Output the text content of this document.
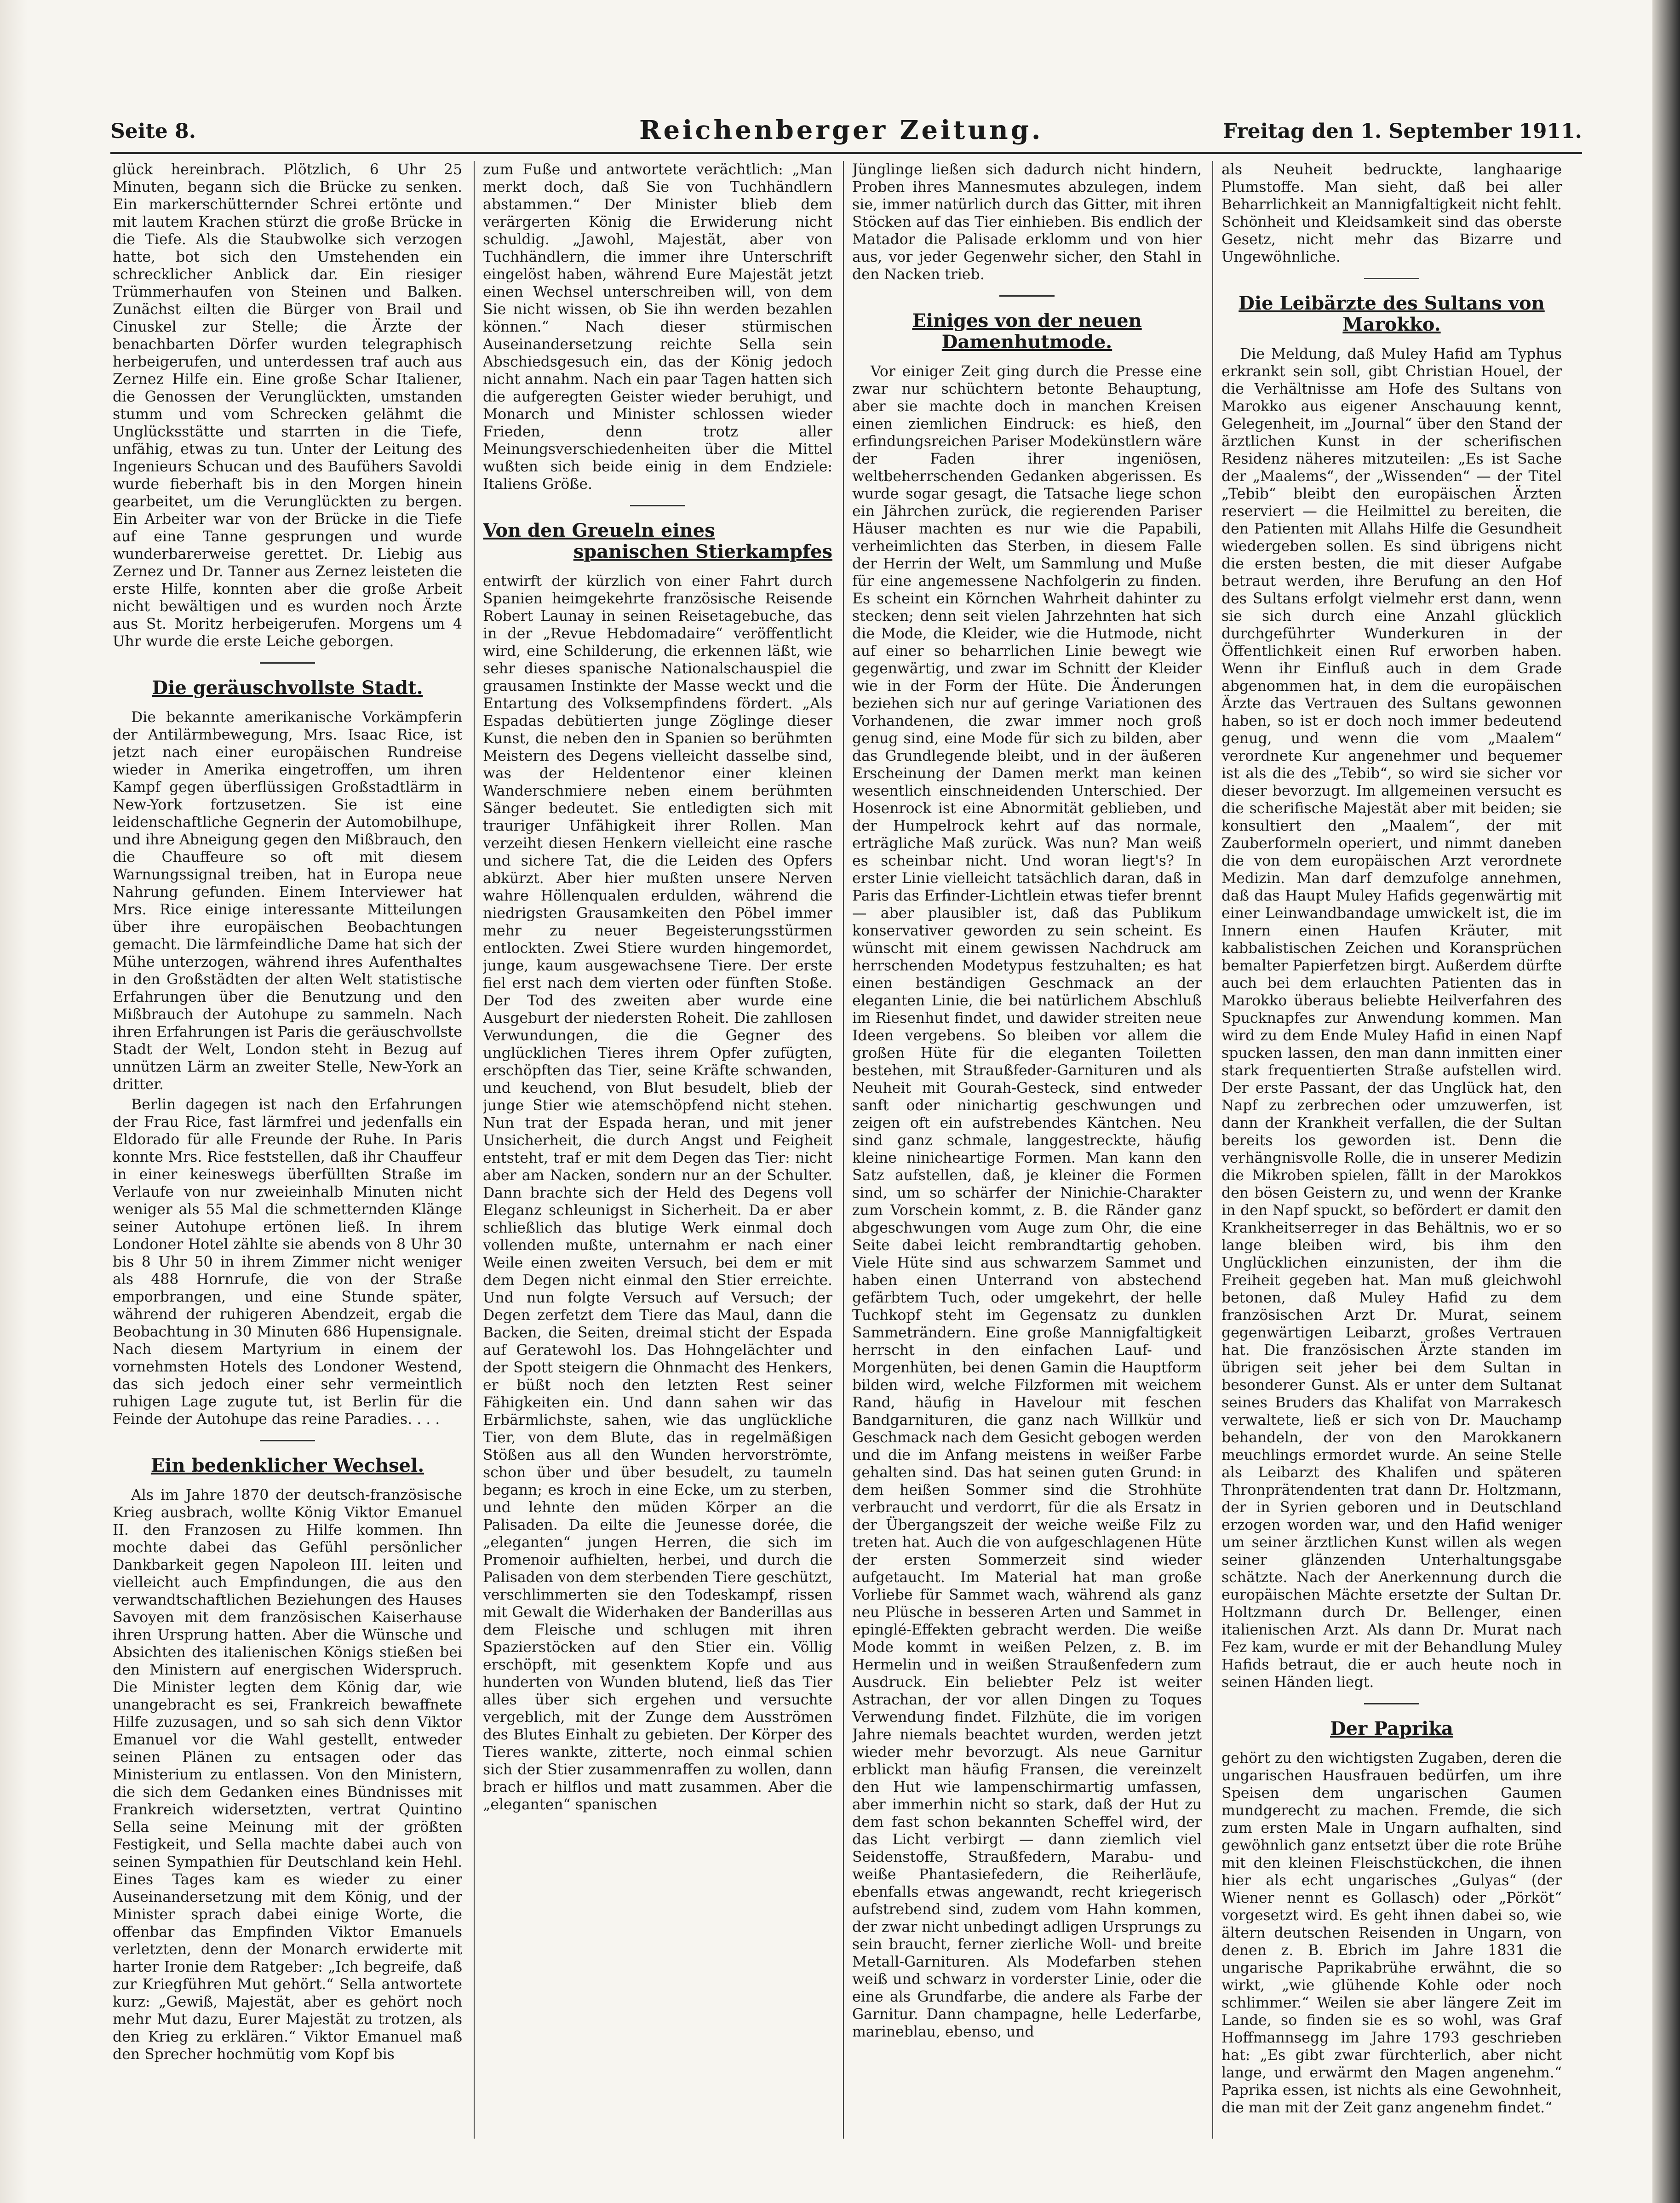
Seite 8.	Reichenberger Zeitung.	Freitag den 1. September 1911.

glück hereinbrach. Plötzlich, 6 Uhr 25 Minuten, begann sich die Brücke zu senken. Ein markerschütternder Schrei ertönte und mit lautem Krachen stürzt die große Brücke in die Tiefe. Als die Staubwolke sich verzogen hatte, bot sich den Umstehenden ein schrecklicher Anblick dar. Ein riesiger Trümmerhaufen von Steinen und Balken. Zunächst eilten die Bürger von Brail und Cinuskel zur Stelle; die Ärzte der benachbarten Dörfer wurden telegraphisch herbeigerufen, und unterdessen traf auch aus Zernez Hilfe ein. Eine große Schar Italiener, die Genossen der Verunglückten, umstanden stumm und vom Schrecken gelähmt die Unglücksstätte und starrten in die Tiefe, unfähig, etwas zu tun. Unter der Leitung des Ingenieurs Schucan und des Baufühers Savoldi wurde fieberhaft bis in den Morgen hinein gearbeitet, um die Verunglückten zu bergen. Ein Arbeiter war von der Brücke in die Tiefe auf eine Tanne gesprungen und wurde wunderbarerweise gerettet. Dr. Liebig aus Zernez und Dr. Tanner aus Zernez leisteten die erste Hilfe, konnten aber die große Arbeit nicht bewältigen und es wurden noch Ärzte aus St. Moritz herbeigerufen. Morgens um 4 Uhr wurde die erste Leiche geborgen.

Die geräuschvollste Stadt.

Die bekannte amerikanische Vorkämpferin der Antilärmbewegung, Mrs. Isaac Rice, ist jetzt nach einer europäischen Rundreise wieder in Amerika eingetroffen, um ihren Kampf gegen überflüssigen Großstadtlärm in New-York fortzusetzen. Sie ist eine leidenschaftliche Gegnerin der Automobilhupe, und ihre Abneigung gegen den Mißbrauch, den die Chauffeure so oft mit diesem Warnungssignal treiben, hat in Europa neue Nahrung gefunden. Einem Interviewer hat Mrs. Rice einige interessante Mitteilungen über ihre europäischen Beobachtungen gemacht. Die lärmfeindliche Dame hat sich der Mühe unterzogen, während ihres Aufenthaltes in den Großstädten der alten Welt statistische Erfahrungen über die Benutzung und den Mißbrauch der Autohupe zu sammeln. Nach ihren Erfahrungen ist Paris die geräuschvollste Stadt der Welt, London steht in Bezug auf unnützen Lärm an zweiter Stelle, New-York an dritter.

Berlin dagegen ist nach den Erfahrungen der Frau Rice, fast lärmfrei und jedenfalls ein Eldorado für alle Freunde der Ruhe. In Paris konnte Mrs. Rice feststellen, daß ihr Chauffeur in einer keineswegs überfüllten Straße im Verlaufe von nur zweieinhalb Minuten nicht weniger als 55 Mal die schmetternden Klänge seiner Autohupe ertönen ließ. In ihrem Londoner Hotel zählte sie abends von 8 Uhr 30 bis 8 Uhr 50 in ihrem Zimmer nicht weniger als 488 Hornrufe, die von der Straße emporbrangen, und eine Stunde später, während der ruhigeren Abendzeit, ergab die Beobachtung in 30 Minuten 686 Hupensignale. Nach diesem Martyrium in einem der vornehmsten Hotels des Londoner Westend, das sich jedoch einer sehr vermeintlich ruhigen Lage zugute tut, ist Berlin für die Feinde der Autohupe das reine Paradies. . . .

Ein bedenklicher Wechsel.

Als im Jahre 1870 der deutsch-französische Krieg ausbrach, wollte König Viktor Emanuel II. den Franzosen zu Hilfe kommen. Ihn mochte dabei das Gefühl persönlicher Dankbarkeit gegen Napoleon III. leiten und vielleicht auch Empfindungen, die aus den verwandtschaftlichen Beziehungen des Hauses Savoyen mit dem französischen Kaiserhause ihren Ursprung hatten. Aber die Wünsche und Absichten des italienischen Königs stießen bei den Ministern auf energischen Widerspruch. Die Minister legten dem König dar, wie unangebracht es sei, Frankreich bewaffnete Hilfe zuzusagen, und so sah sich denn Viktor Emanuel vor die Wahl gestellt, entweder seinen Plänen zu entsagen oder das Ministerium zu entlassen. Von den Ministern, die sich dem Gedanken eines Bündnisses mit Frankreich widersetzten, vertrat Quintino Sella seine Meinung mit der größten Festigkeit, und Sella machte dabei auch von seinen Sympathien für Deutschland kein Hehl. Eines Tages kam es wieder zu einer Auseinandersetzung mit dem König, und der Minister sprach dabei einige Worte, die offenbar das Empfinden Viktor Emanuels verletzten, denn der Monarch erwiderte mit harter Ironie dem Ratgeber: „Ich begreife, daß zur Kriegführen Mut gehört.“ Sella antwortete kurz: „Gewiß, Majestät, aber es gehört noch mehr Mut dazu, Eurer Majestät zu trotzen, als den Krieg zu erklären.“ Viktor Emanuel maß den Sprecher hochmütig vom Kopf bis

zum Fuße und antwortete verächtlich: „Man merkt doch, daß Sie von Tuchhändlern abstammen.“ Der Minister blieb dem verärgerten König die Erwiderung nicht schuldig. „Jawohl, Majestät, aber von Tuchhändlern, die immer ihre Unterschrift eingelöst haben, während Eure Majestät jetzt einen Wechsel unterschreiben will, von dem Sie nicht wissen, ob Sie ihn werden bezahlen können.“ Nach dieser stürmischen Auseinandersetzung reichte Sella sein Abschiedsgesuch ein, das der König jedoch nicht annahm. Nach ein paar Tagen hatten sich die aufgeregten Geister wieder beruhigt, und Monarch und Minister schlossen wieder Frieden, denn trotz aller Meinungsverschiedenheiten über die Mittel wußten sich beide einig in dem Endziele: Italiens Größe.

Von den Greueln eines
spanischen Stierkampfes

entwirft der kürzlich von einer Fahrt durch Spanien heimgekehrte französische Reisende Robert Launay in seinen Reisetagebuche, das in der „Revue Hebdomadaire“ veröffentlicht wird, eine Schilderung, die erkennen läßt, wie sehr dieses spanische Nationalschauspiel die grausamen Instinkte der Masse weckt und die Entartung des Volksempfindens fördert. „Als Espadas debütierten junge Zöglinge dieser Kunst, die neben den in Spanien so berühmten Meistern des Degens vielleicht dasselbe sind, was der Heldentenor einer kleinen Wanderschmiere neben einem berühmten Sänger bedeutet. Sie entledigten sich mit trauriger Unfähigkeit ihrer Rollen. Man verzeiht diesen Henkern vielleicht eine rasche und sichere Tat, die die Leiden des Opfers abkürzt. Aber hier mußten unsere Nerven wahre Höllenqualen erdulden, während die niedrigsten Grausamkeiten den Pöbel immer mehr zu neuer Begeisterungsstürmen entlockten. Zwei Stiere wurden hingemordet, junge, kaum ausgewachsene Tiere. Der erste fiel erst nach dem vierten oder fünften Stoße. Der Tod des zweiten aber wurde eine Ausgeburt der niedersten Roheit. Die zahllosen Verwundungen, die die Gegner des unglücklichen Tieres ihrem Opfer zufügten, erschöpften das Tier, seine Kräfte schwanden, und keuchend, von Blut besudelt, blieb der junge Stier wie atemschöpfend nicht stehen. Nun trat der Espada heran, und mit jener Unsicherheit, die durch Angst und Feigheit entsteht, traf er mit dem Degen das Tier: nicht aber am Nacken, sondern nur an der Schulter. Dann brachte sich der Held des Degens voll Eleganz schleunigst in Sicherheit. Da er aber schließlich das blutige Werk einmal doch vollenden mußte, unternahm er nach einer Weile einen zweiten Versuch, bei dem er mit dem Degen nicht einmal den Stier erreichte. Und nun folgte Versuch auf Versuch; der Degen zerfetzt dem Tiere das Maul, dann die Backen, die Seiten, dreimal sticht der Espada auf Geratewohl los. Das Hohngelächter und der Spott steigern die Ohnmacht des Henkers, er büßt noch den letzten Rest seiner Fähigkeiten ein. Und dann sahen wir das Erbärmlichste, sahen, wie das unglückliche Tier, von dem Blute, das in regelmäßigen Stößen aus all den Wunden hervorströmte, schon über und über besudelt, zu taumeln begann; es kroch in eine Ecke, um zu sterben, und lehnte den müden Körper an die Palisaden. Da eilte die Jeunesse dorée, die „eleganten“ jungen Herren, die sich im Promenoir aufhielten, herbei, und durch die Palisaden von dem sterbenden Tiere geschützt, verschlimmerten sie den Todeskampf, rissen mit Gewalt die Widerhaken der Banderillas aus dem Fleische und schlugen mit ihren Spazierstöcken auf den Stier ein. Völlig erschöpft, mit gesenktem Kopfe und aus hunderten von Wunden blutend, ließ das Tier alles über sich ergehen und versuchte vergeblich, mit der Zunge dem Ausströmen des Blutes Einhalt zu gebieten. Der Körper des Tieres wankte, zitterte, noch einmal schien sich der Stier zusammenraffen zu wollen, dann brach er hilflos und matt zusammen. Aber die „eleganten“ spanischen

Jünglinge ließen sich dadurch nicht hindern, Proben ihres Mannesmutes abzulegen, indem sie, immer natürlich durch das Gitter, mit ihren Stöcken auf das Tier einhieben. Bis endlich der Matador die Palisade erklomm und von hier aus, vor jeder Gegenwehr sicher, den Stahl in den Nacken trieb.

Einiges von der neuen Damenhutmode.

Vor einiger Zeit ging durch die Presse eine zwar nur schüchtern betonte Behauptung, aber sie machte doch in manchen Kreisen einen ziemlichen Eindruck: es hieß, den erfindungsreichen Pariser Modekünstlern wäre der Faden ihrer ingeniösen, weltbeherrschenden Gedanken abgerissen. Es wurde sogar gesagt, die Tatsache liege schon ein Jährchen zurück, die regierenden Pariser Häuser machten es nur wie die Papabili, verheimlichten das Sterben, in diesem Falle der Herrin der Welt, um Sammlung und Muße für eine angemessene Nachfolgerin zu finden. Es scheint ein Körnchen Wahrheit dahinter zu stecken; denn seit vielen Jahrzehnten hat sich die Mode, die Kleider, wie die Hutmode, nicht auf einer so beharrlichen Linie bewegt wie gegenwärtig, und zwar im Schnitt der Kleider wie in der Form der Hüte. Die Änderungen beziehen sich nur auf geringe Variationen des Vorhandenen, die zwar immer noch groß genug sind, eine Mode für sich zu bilden, aber das Grundlegende bleibt, und in der äußeren Erscheinung der Damen merkt man keinen wesentlich einschneidenden Unterschied. Der Hosenrock ist eine Abnormität geblieben, und der Humpelrock kehrt auf das normale, erträgliche Maß zurück. Was nun? Man weiß es scheinbar nicht. Und woran liegt's? In erster Linie vielleicht tatsächlich daran, daß in Paris das Erfinder-Lichtlein etwas tiefer brennt — aber plausibler ist, daß das Publikum konservativer geworden zu sein scheint. Es wünscht mit einem gewissen Nachdruck am herrschenden Modetypus festzuhalten; es hat einen beständigen Geschmack an der eleganten Linie, die bei natürlichem Abschluß im Riesenhut findet, und dawider streiten neue Ideen vergebens. So bleiben vor allem die großen Hüte für die eleganten Toiletten bestehen, mit Straußfeder-Garnituren und als Neuheit mit Gourah-Gesteck, sind entweder sanft oder ninichartig geschwungen und zeigen oft ein aufstrebendes Käntchen. Neu sind ganz schmale, langgestreckte, häufig kleine ninicheartige Formen. Man kann den Satz aufstellen, daß, je kleiner die Formen sind, um so schärfer der Ninichie-Charakter zum Vorschein kommt, z. B. die Ränder ganz abgeschwungen vom Auge zum Ohr, die eine Seite dabei leicht rembrandtartig gehoben. Viele Hüte sind aus schwarzem Sammet und haben einen Unterrand von abstechend gefärbtem Tuch, oder umgekehrt, der helle Tuchkopf steht im Gegensatz zu dunklen Sammeträndern. Eine große Mannigfaltigkeit herrscht in den einfachen Lauf- und Morgenhüten, bei denen Gamin die Hauptform bilden wird, welche Filzformen mit weichem Rand, häufig in Havelour mit feschen Bandgarnituren, die ganz nach Willkür und Geschmack nach dem Gesicht gebogen werden und die im Anfang meistens in weißer Farbe gehalten sind. Das hat seinen guten Grund: in dem heißen Sommer sind die Strohhüte verbraucht und verdorrt, für die als Ersatz in der Übergangszeit der weiche weiße Filz zu treten hat. Auch die von aufgeschlagenen Hüte der ersten Sommerzeit sind wieder aufgetaucht. Im Material hat man große Vorliebe für Sammet wach, während als ganz neu Plüsche in besseren Arten und Sammet in epinglé-Effekten gebracht werden. Die weiße Mode kommt in weißen Pelzen, z. B. im Hermelin und in weißen Straußenfedern zum Ausdruck. Ein beliebter Pelz ist weiter Astrachan, der vor allen Dingen zu Toques Verwendung findet. Filzhüte, die im vorigen Jahre niemals beachtet wurden, werden jetzt wieder mehr bevorzugt. Als neue Garnitur erblickt man häufig Fransen, die vereinzelt den Hut wie lampenschirmartig umfassen, aber immerhin nicht so stark, daß der Hut zu dem fast schon bekannten Scheffel wird, der das Licht verbirgt — dann ziemlich viel Seidenstoffe, Straußfedern, Marabu- und weiße Phantasiefedern, die Reiherläufe, ebenfalls etwas angewandt, recht kriegerisch aufstrebend sind, zudem vom Hahn kommen, der zwar nicht unbedingt adligen Ursprungs zu sein braucht, ferner zierliche Woll- und breite Metall-Garnituren. Als Modefarben stehen weiß und schwarz in vorderster Linie, oder die eine als Grundfarbe, die andere als Farbe der Garnitur. Dann champagne, helle Lederfarbe, marineblau, ebenso, und

als Neuheit bedruckte, langhaarige Plumstoffe. Man sieht, daß bei aller Beharrlichkeit an Mannigfaltigkeit nicht fehlt. Schönheit und Kleidsamkeit sind das oberste Gesetz, nicht mehr das Bizarre und Ungewöhnliche.

Die Leibärzte des Sultans von Marokko.

Die Meldung, daß Muley Hafid am Typhus erkrankt sein soll, gibt Christian Houel, der die Verhältnisse am Hofe des Sultans von Marokko aus eigener Anschauung kennt, Gelegenheit, im „Journal“ über den Stand der ärztlichen Kunst in der scherifischen Residenz näheres mitzuteilen: „Es ist Sache der „Maalems“, der „Wissenden“ — der Titel „Tebib“ bleibt den europäischen Ärzten reserviert — die Heilmittel zu bereiten, die den Patienten mit Allahs Hilfe die Gesundheit wiedergeben sollen. Es sind übrigens nicht die ersten besten, die mit dieser Aufgabe betraut werden, ihre Berufung an den Hof des Sultans erfolgt vielmehr erst dann, wenn sie sich durch eine Anzahl glücklich durchgeführter Wunderkuren in der Öffentlichkeit einen Ruf erworben haben. Wenn ihr Einfluß auch in dem Grade abgenommen hat, in dem die europäischen Ärzte das Vertrauen des Sultans gewonnen haben, so ist er doch noch immer bedeutend genug, und wenn die vom „Maalem“ verordnete Kur angenehmer und bequemer ist als die des „Tebib“, so wird sie sicher vor dieser bevorzugt. Im allgemeinen versucht es die scherifische Majestät aber mit beiden; sie konsultiert den „Maalem“, der mit Zauberformeln operiert, und nimmt daneben die von dem europäischen Arzt verordnete Medizin. Man darf demzufolge annehmen, daß das Haupt Muley Hafids gegenwärtig mit einer Leinwandbandage umwickelt ist, die im Innern einen Haufen Kräuter, mit kabbalistischen Zeichen und Koransprüchen bemalter Papierfetzen birgt. Außerdem dürfte auch bei dem erlauchten Patienten das in Marokko überaus beliebte Heilverfahren des Spucknapfes zur Anwendung kommen. Man wird zu dem Ende Muley Hafid in einen Napf spucken lassen, den man dann inmitten einer stark frequentierten Straße aufstellen wird. Der erste Passant, der das Unglück hat, den Napf zu zerbrechen oder umzuwerfen, ist dann der Krankheit verfallen, die der Sultan bereits los geworden ist. Denn die verhängnisvolle Rolle, die in unserer Medizin die Mikroben spielen, fällt in der Marokkos den bösen Geistern zu, und wenn der Kranke in den Napf spuckt, so befördert er damit den Krankheitserreger in das Behältnis, wo er so lange bleiben wird, bis ihm den Unglücklichen einzunisten, der ihm die Freiheit gegeben hat. Man muß gleichwohl betonen, daß Muley Hafid zu dem französischen Arzt Dr. Murat, seinem gegenwärtigen Leibarzt, großes Vertrauen hat. Die französischen Ärzte standen im übrigen seit jeher bei dem Sultan in besonderer Gunst. Als er unter dem Sultanat seines Bruders das Khalifat von Marrakesch verwaltete, ließ er sich von Dr. Mauchamp behandeln, der von den Marokkanern meuchlings ermordet wurde. An seine Stelle als Leibarzt des Khalifen und späteren Thronprätendenten trat dann Dr. Holtzmann, der in Syrien geboren und in Deutschland erzogen worden war, und den Hafid weniger um seiner ärztlichen Kunst willen als wegen seiner glänzenden Unterhaltungsgabe schätzte. Nach der Anerkennung durch die europäischen Mächte ersetzte der Sultan Dr. Holtzmann durch Dr. Bellenger, einen italienischen Arzt. Als dann Dr. Murat nach Fez kam, wurde er mit der Behandlung Muley Hafids betraut, die er auch heute noch in seinen Händen liegt.

Der Paprika

gehört zu den wichtigsten Zugaben, deren die ungarischen Hausfrauen bedürfen, um ihre Speisen dem ungarischen Gaumen mundgerecht zu machen. Fremde, die sich zum ersten Male in Ungarn aufhalten, sind gewöhnlich ganz entsetzt über die rote Brühe mit den kleinen Fleischstückchen, die ihnen hier als echt ungarisches „Gulyas“ (der Wiener nennt es Gollasch) oder „Pörköt“ vorgesetzt wird. Es geht ihnen dabei so, wie ältern deutschen Reisenden in Ungarn, von denen z. B. Ebrich im Jahre 1831 die ungarische Paprikabrühe erwähnt, die so wirkt, „wie glühende Kohle oder noch schlimmer.“ Weilen sie aber längere Zeit im Lande, so finden sie es so wohl, was Graf Hoffmannsegg im Jahre 1793 geschrieben hat: „Es gibt zwar fürchterlich, aber nicht lange, und erwärmt den Magen angenehm.“ Paprika essen, ist nichts als eine Gewohnheit, die man mit der Zeit ganz angenehm findet.“
